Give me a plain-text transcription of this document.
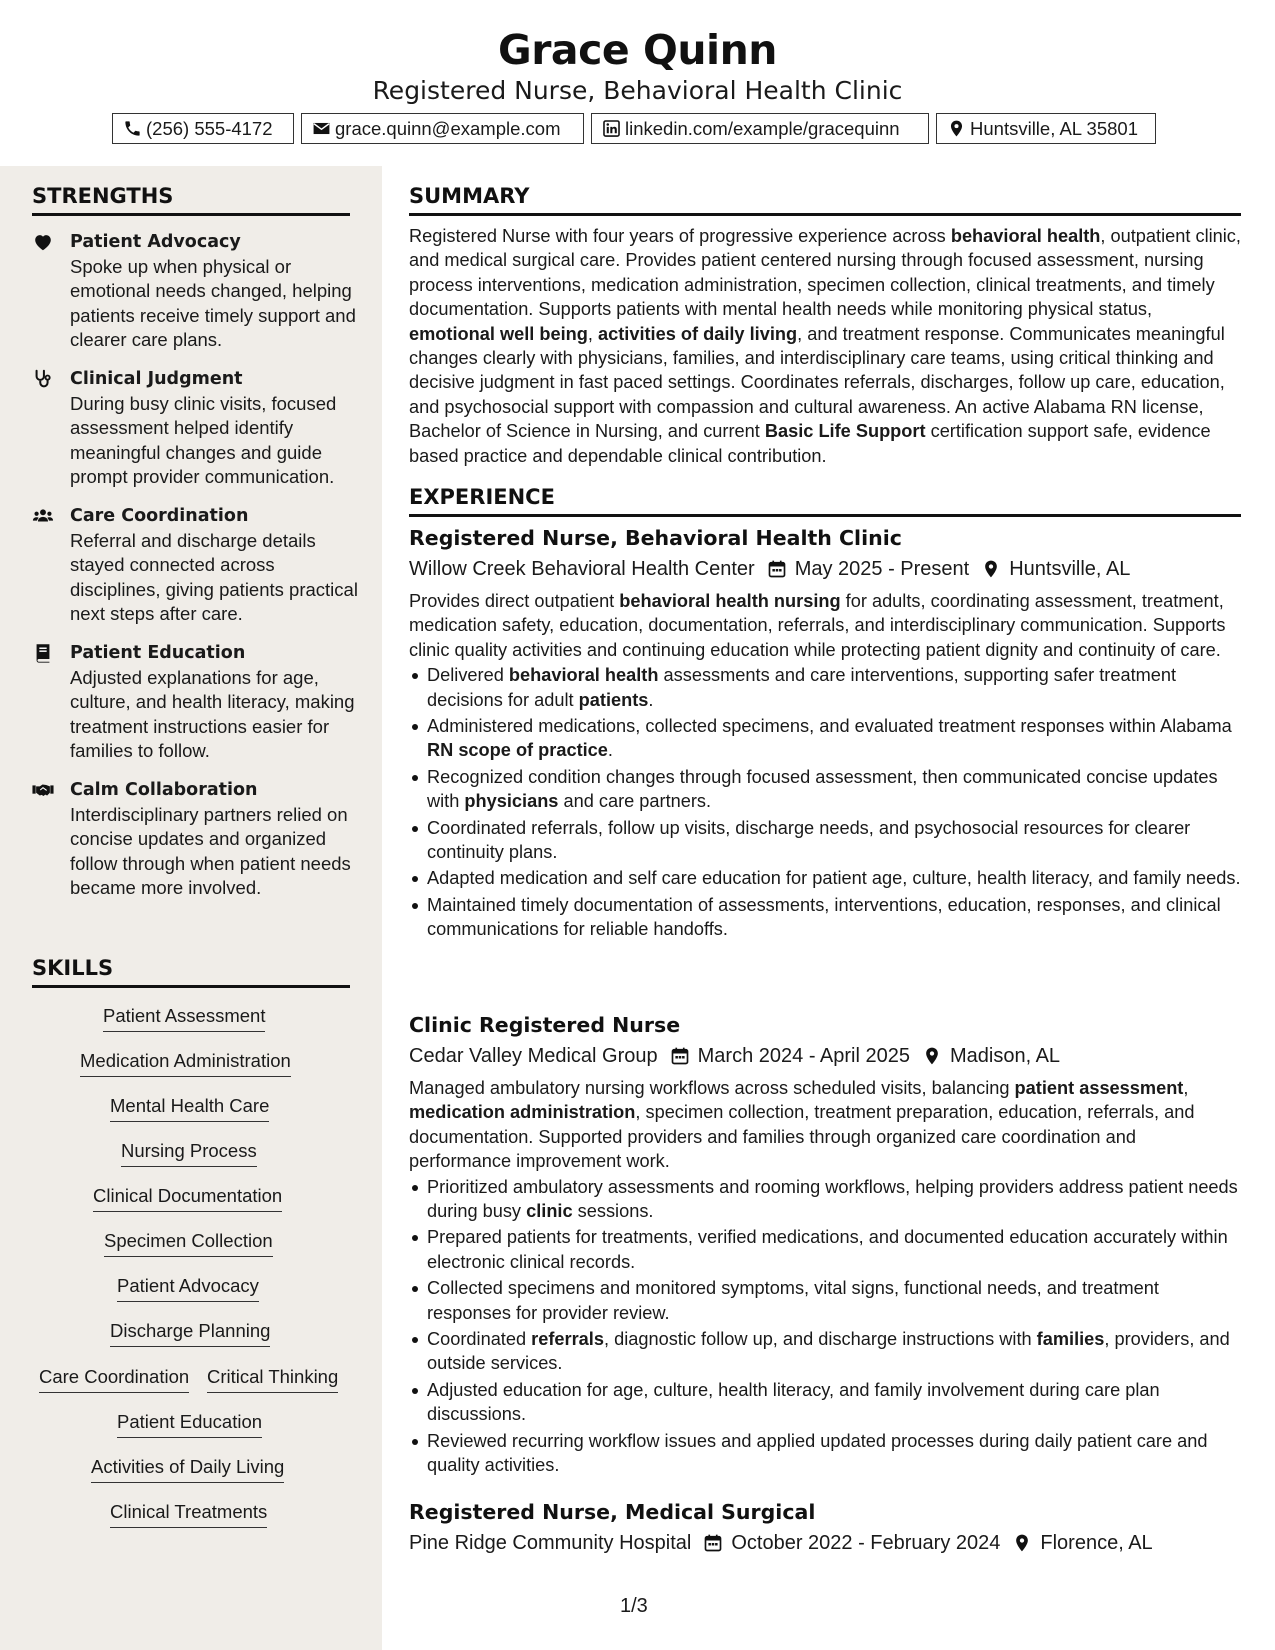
Grace Quinn
Registered Nurse, Behavioral Health Clinic
(256) 555-4172	grace.quinn@example.com	linkedin.com/example/gracequinn	Huntsville, AL 35801
STRENGTHS
Patient Advocacy
Spoke up when physical or emotional needs changed, helping patients receive timely support and clearer care plans.
Clinical Judgment
During busy clinic visits, focused assessment helped identify meaningful changes and guide prompt provider communication.
Care Coordination
Referral and discharge details stayed connected across disciplines, giving patients practical next steps after care.
Patient Education
Adjusted explanations for age, culture, and health literacy, making treatment instructions easier for families to follow.
Calm Collaboration
Interdisciplinary partners relied on concise updates and organized follow through when patient needs became more involved.
SKILLS
Patient Assessment
Medication Administration
Mental Health Care
Nursing Process
Clinical Documentation
Specimen Collection
Patient Advocacy
Discharge Planning
Care Coordination Critical Thinking
Patient Education
Activities of Daily Living
Clinical Treatments
SUMMARY

Registered Nurse with four years of progressive experience across behavioral health, outpatient clinic, and medical surgical care. Provides patient centered nursing through focused assessment, nursing process interventions, medication administration, specimen collection, clinical treatments, and timely documentation. Supports patients with mental health needs while monitoring physical status, emotional well being, activities of daily living, and treatment response. Communicates meaningful changes clearly with physicians, families, and interdisciplinary care teams, using critical thinking and decisive judgment in fast paced settings. Coordinates referrals, discharges, follow up care, education, and psychosocial support with compassion and cultural awareness. An active Alabama RN license, Bachelor of Science in Nursing, and current Basic Life Support certification support safe, evidence based practice and dependable clinical contribution.

EXPERIENCE
Registered Nurse, Behavioral Health Clinic
Willow Creek Behavioral Health Center May 2025 - Present Huntsville, AL

Provides direct outpatient behavioral health nursing for adults, coordinating assessment, treatment, medication safety, education, documentation, referrals, and interdisciplinary communication. Supports clinic quality activities and continuing education while protecting patient dignity and continuity of care.

Delivered behavioral health assessments and care interventions, supporting safer treatment decisions for adult patients.
Administered medications, collected specimens, and evaluated treatment responses within Alabama RN scope of practice.
Recognized condition changes through focused assessment, then communicated concise updates with physicians and care partners.
Coordinated referrals, follow up visits, discharge needs, and psychosocial resources for clearer continuity plans.
Adapted medication and self care education for patient age, culture, health literacy, and family needs.
Maintained timely documentation of assessments, interventions, education, responses, and clinical communications for reliable handoffs.
Clinic Registered Nurse
Cedar Valley Medical Group March 2024 - April 2025 Madison, AL

Managed ambulatory nursing workflows across scheduled visits, balancing patient assessment, medication administration, specimen collection, treatment preparation, education, referrals, and documentation. Supported providers and families through organized care coordination and performance improvement work.

Prioritized ambulatory assessments and rooming workflows, helping providers address patient needs during busy clinic sessions.
Prepared patients for treatments, verified medications, and documented education accurately within electronic clinical records.
Collected specimens and monitored symptoms, vital signs, functional needs, and treatment responses for provider review.
Coordinated referrals, diagnostic follow up, and discharge instructions with families, providers, and outside services.
Adjusted education for age, culture, health literacy, and family involvement during care plan discussions.
Reviewed recurring workflow issues and applied updated processes during daily patient care and quality activities.
Registered Nurse, Medical Surgical
Pine Ridge Community Hospital October 2022 - February 2024 Florence, AL
1/3
